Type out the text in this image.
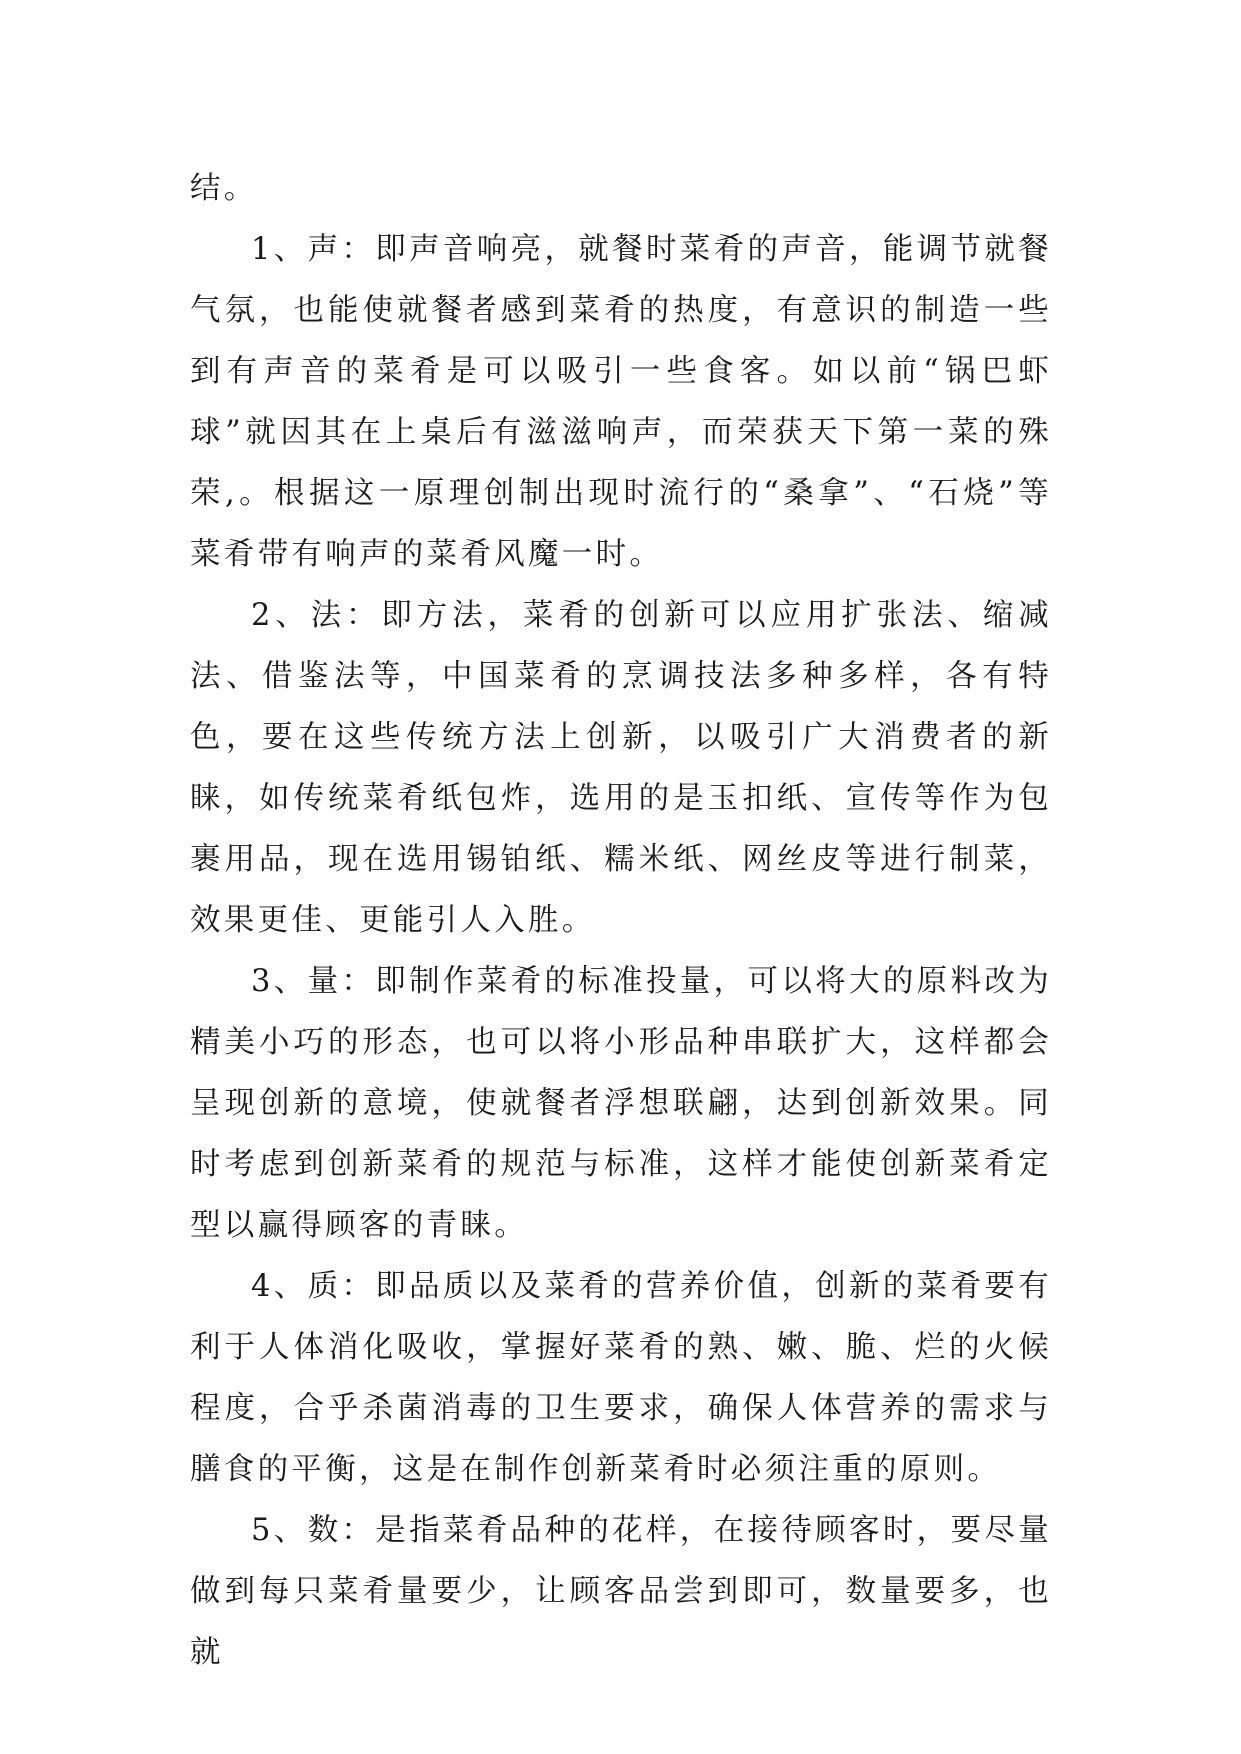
结。

1、声：即声音响亮，就餐时菜肴的声音，能调节就餐气氛，也能使就餐者感到菜肴的热度，有意识的制造一些到有声音的菜肴是可以吸引一些食客。如以前“锅巴虾球”就因其在上桌后有滋滋响声，而荣获天下第一菜的殊荣,。根据这一原理创制出现时流行的“桑拿”、“石烧”等菜肴带有响声的菜肴风魔一时。

2、法：即方法，菜肴的创新可以应用扩张法、缩减法、借鉴法等，中国菜肴的烹调技法多种多样，各有特色，要在这些传统方法上创新，以吸引广大消费者的新睐，如传统菜肴纸包炸，选用的是玉扣纸、宣传等作为包裹用品，现在选用锡铂纸、糯米纸、网丝皮等进行制菜，效果更佳、更能引人入胜。

3、量：即制作菜肴的标准投量，可以将大的原料改为精美小巧的形态，也可以将小形品种串联扩大，这样都会呈现创新的意境，使就餐者浮想联翩，达到创新效果。同时考虑到创新菜肴的规范与标准，这样才能使创新菜肴定型以赢得顾客的青睐。

4、质：即品质以及菜肴的营养价值，创新的菜肴要有利于人体消化吸收，掌握好菜肴的熟、嫩、脆、烂的火候程度，合乎杀菌消毒的卫生要求，确保人体营养的需求与膳食的平衡，这是在制作创新菜肴时必须注重的原则。

5、数：是指菜肴品种的花样，在接待顾客时，要尽量做到每只菜肴量要少，让顾客品尝到即可，数量要多，也就
